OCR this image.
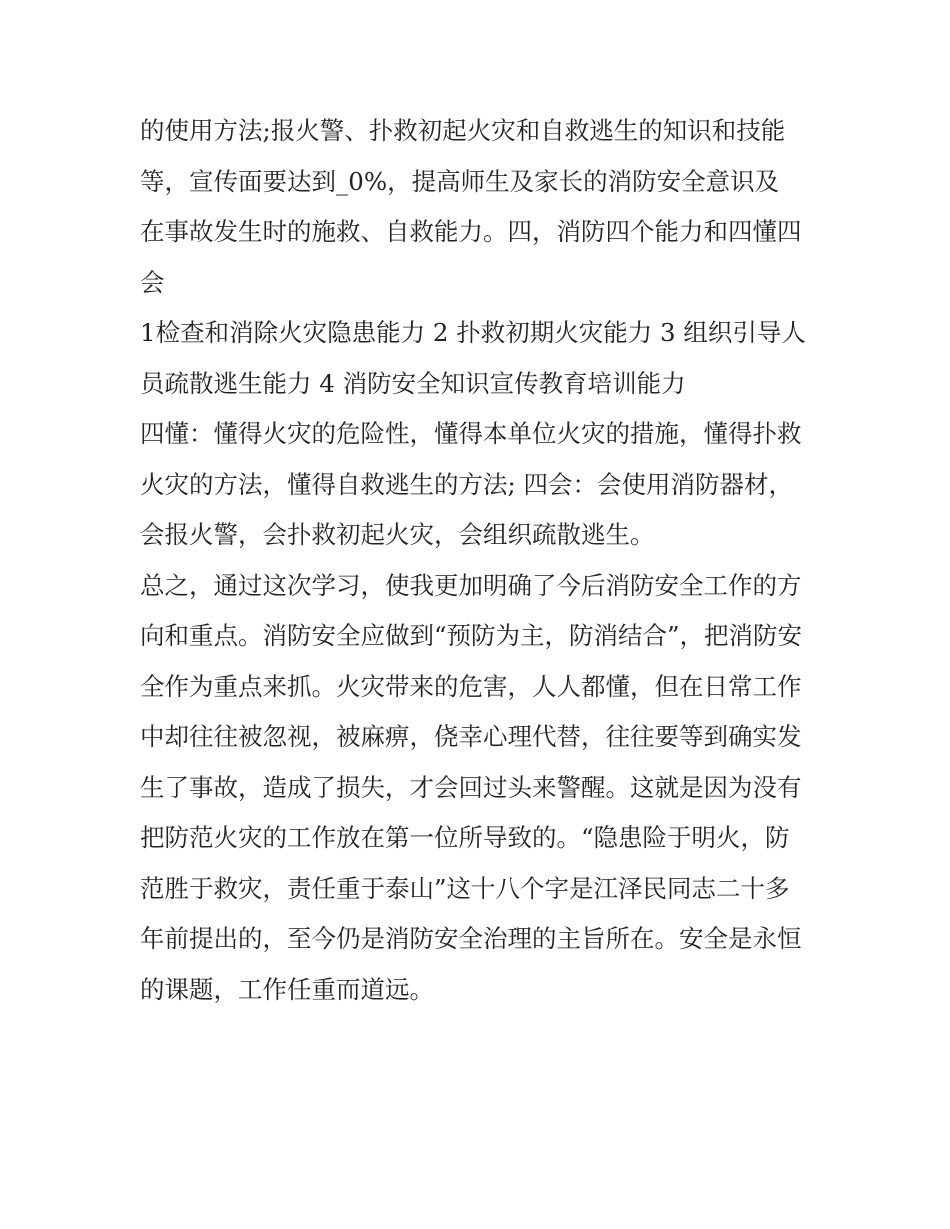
的使用方法;报火警、扑救初起火灾和自救逃生的知识和技能
等，宣传面要达到_0%，提高师生及家长的消防安全意识及
在事故发生时的施救、自救能力。四，消防四个能力和四懂四
会
1检查和消除火灾隐患能力 2 扑救初期火灾能力 3 组织引导人
员疏散逃生能力 4 消防安全知识宣传教育培训能力
四懂：懂得火灾的危险性，懂得本单位火灾的措施，懂得扑救
火灾的方法，懂得自救逃生的方法; 四会：会使用消防器材，
会报火警，会扑救初起火灾，会组织疏散逃生。
总之，通过这次学习，使我更加明确了今后消防安全工作的方
向和重点。消防安全应做到“预防为主，防消结合”，把消防安
全作为重点来抓。火灾带来的危害，人人都懂，但在日常工作
中却往往被忽视，被麻痹，侥幸心理代替，往往要等到确实发
生了事故，造成了损失，才会回过头来警醒。这就是因为没有
把防范火灾的工作放在第一位所导致的。“隐患险于明火，防
范胜于救灾，责任重于泰山”这十八个字是江泽民同志二十多
年前提出的，至今仍是消防安全治理的主旨所在。安全是永恒
的课题，工作任重而道远。
